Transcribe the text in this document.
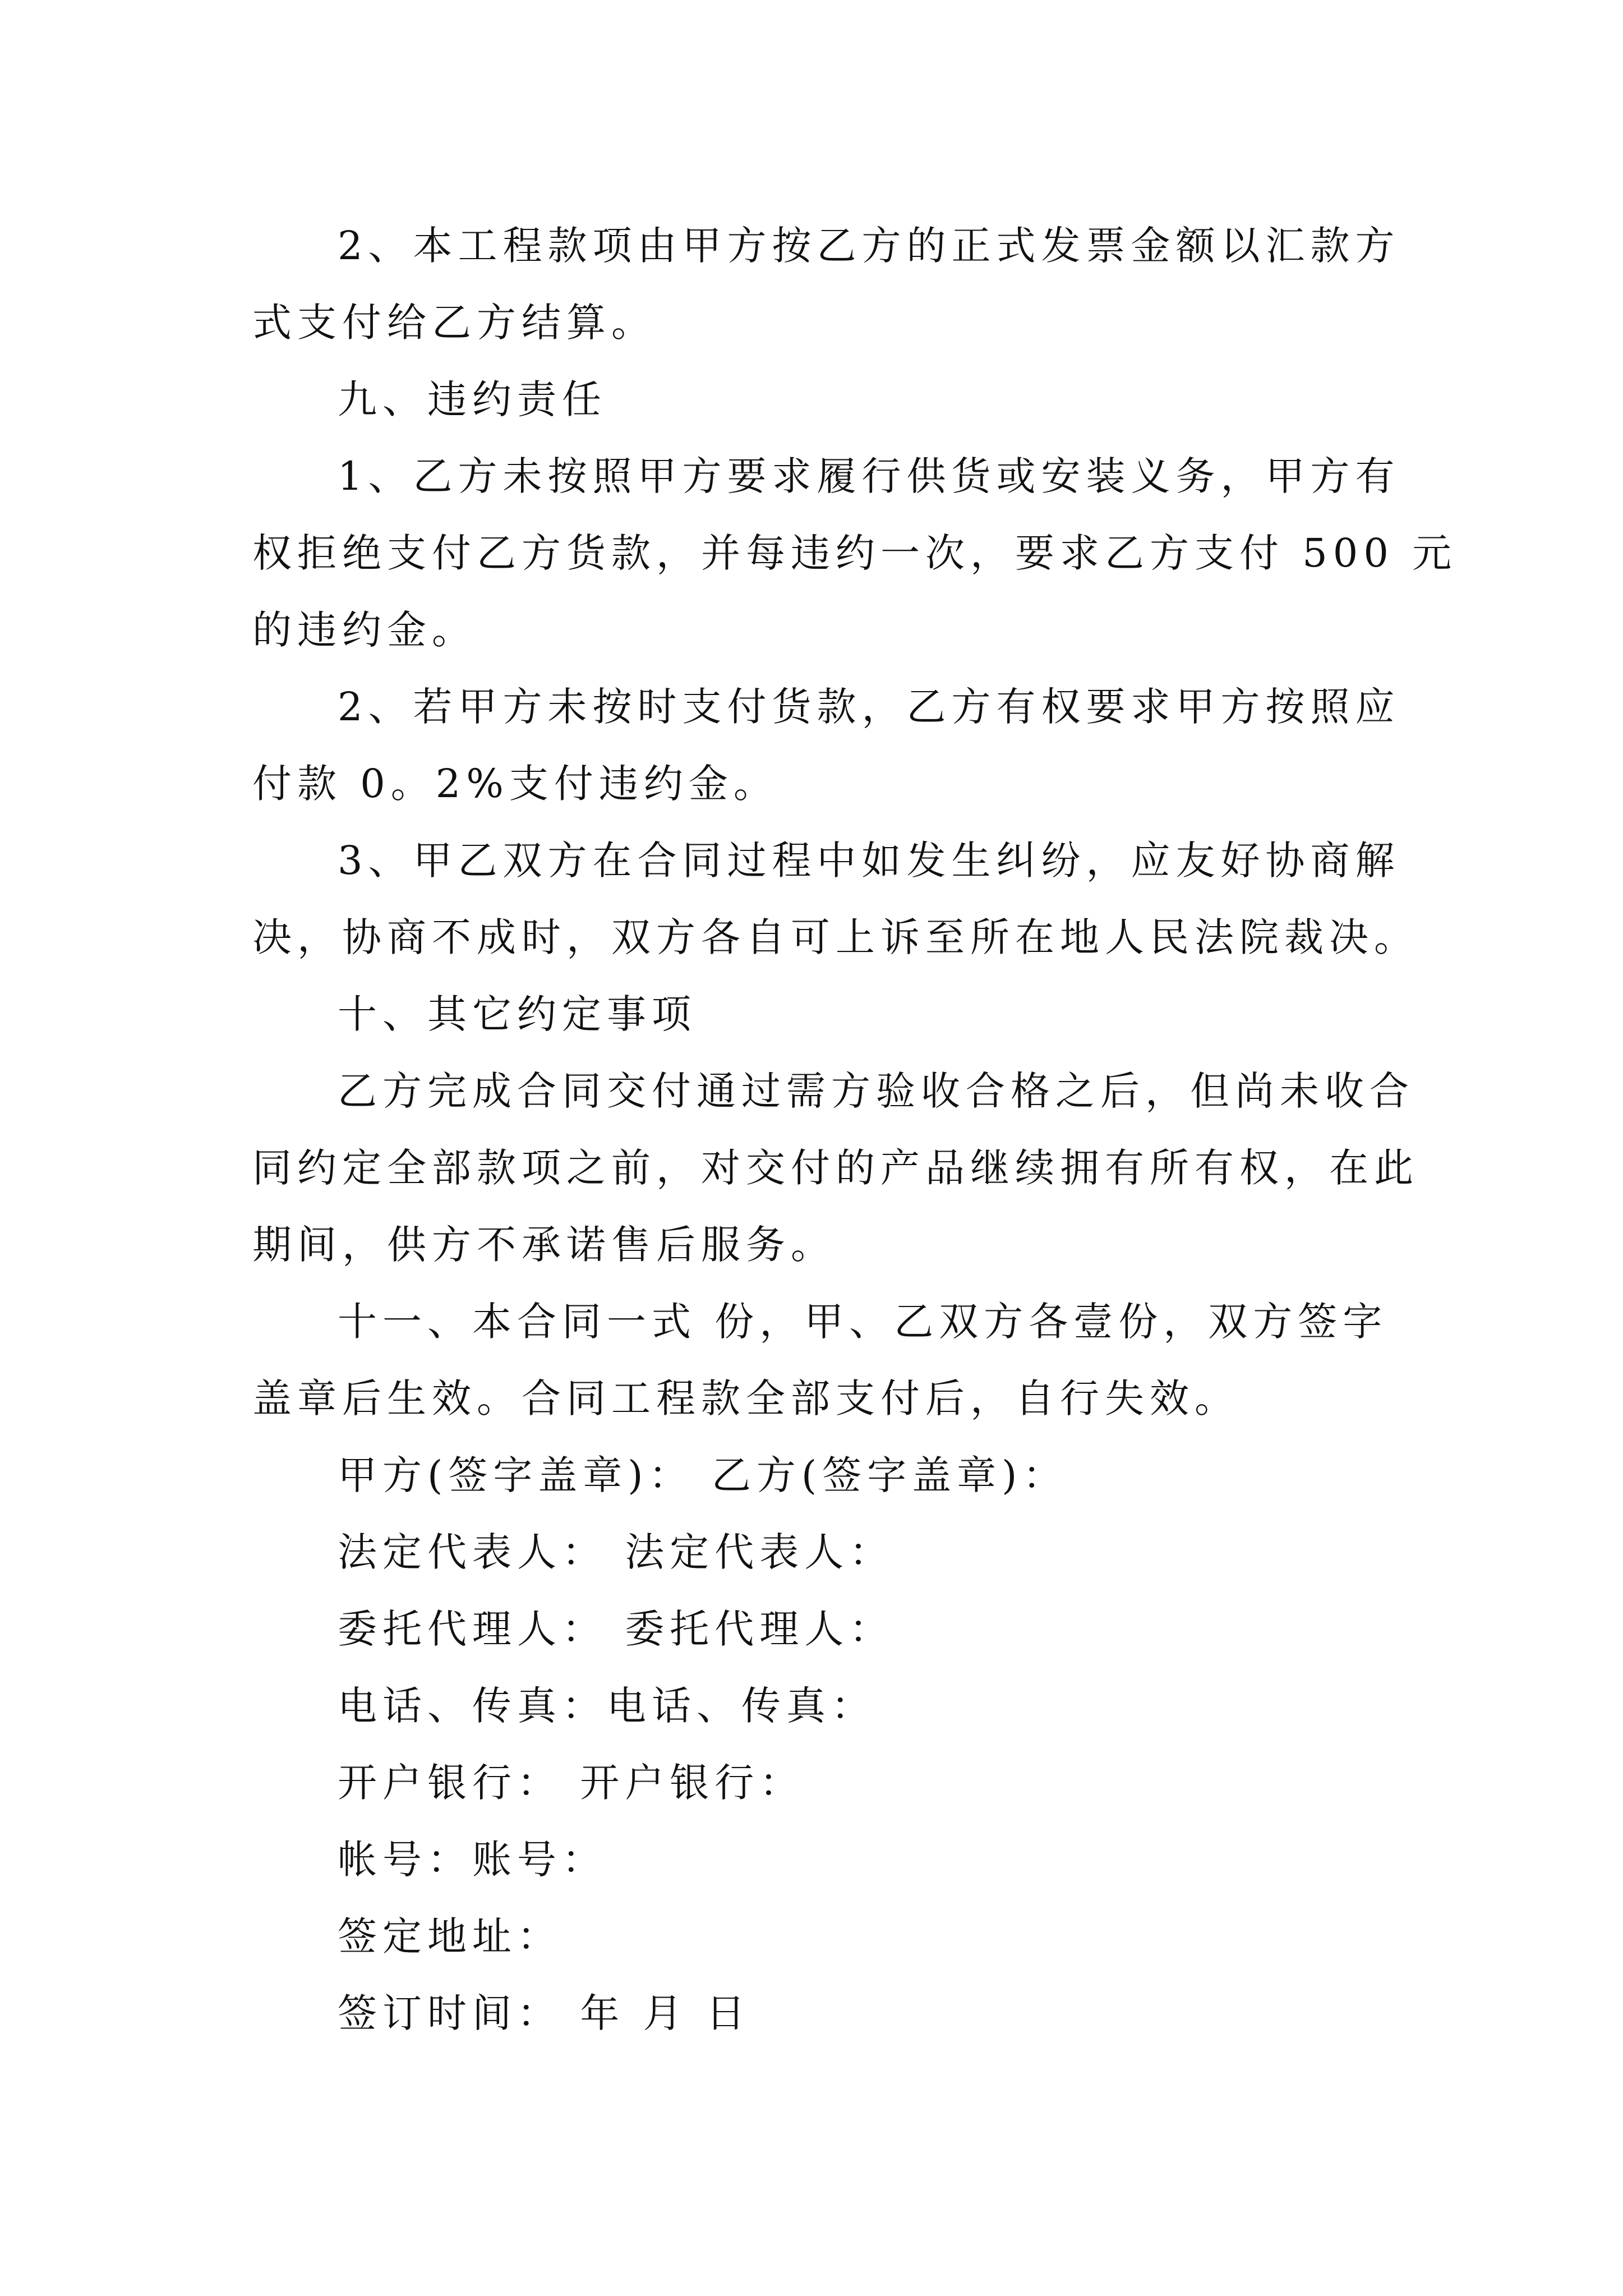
2、本工程款项由甲方按乙方的正式发票金额以汇款方
式支付给乙方结算。
九、违约责任
1、乙方未按照甲方要求履行供货或安装义务，甲方有
权拒绝支付乙方货款，并每违约一次，要求乙方支付 500 元
的违约金。
2、若甲方未按时支付货款，乙方有权要求甲方按照应
付款 0。2%支付违约金。
3、甲乙双方在合同过程中如发生纠纷，应友好协商解
决，协商不成时，双方各自可上诉至所在地人民法院裁决。
十、其它约定事项
乙方完成合同交付通过需方验收合格之后，但尚未收合
同约定全部款项之前，对交付的产品继续拥有所有权，在此
期间，供方不承诺售后服务。
十一、本合同一式 份，甲、乙双方各壹份，双方签字
盖章后生效。合同工程款全部支付后，自行失效。
甲方(签字盖章)： 乙方(签字盖章)：
法定代表人： 法定代表人：
委托代理人： 委托代理人：
电话、传真：电话、传真：
开户银行： 开户银行：
帐号：账号：
签定地址：
签订时间： 年 月 日
